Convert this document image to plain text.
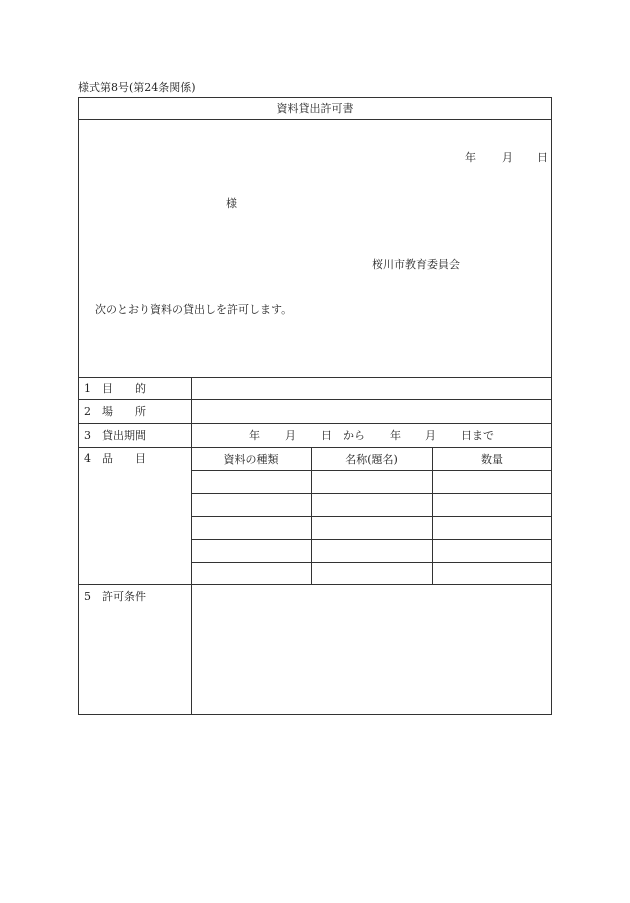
様式第8号(第24条関係)
資料貸出許可書
年 月 日
様
桜川市教育委員会
次のとおり資料の貸出しを許可します。
1 目　　的
2 場　　所
3 貸出期間	年 月 日 から 年 月 日まで
4 品　　目	資料の種類	名称(題名)	数量
5 許可条件
